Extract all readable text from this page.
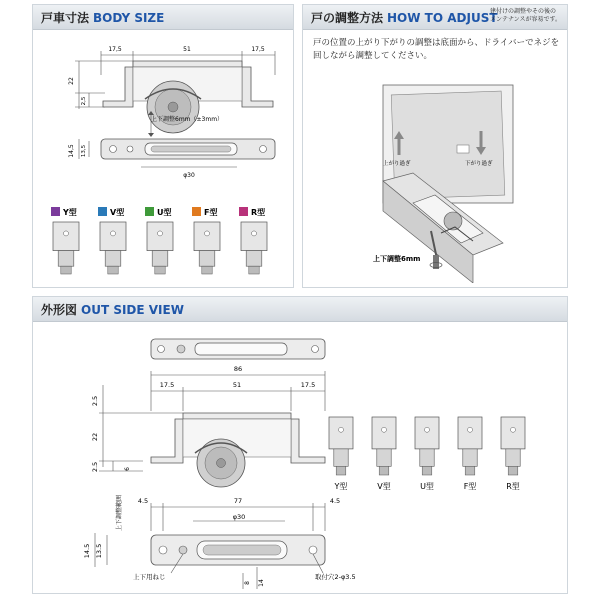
戸車寸法 BODY SIZE
17,5	51	17,5
22
2,5
上下調整6mm（±3mm）
14,5 13,5
φ30
Y型	V型	U型	F型	R型
戸の調整方法 HOW TO ADJUST
建付けの調整やその後の
メンテナンスが容易です。
戸の位置の上がり下がりの調整は底面から、ドライバーでネジを回しながら調整してください。
上がり過ぎ	下がり過ぎ
上下調整6mm
外形図 OUT SIDE VIEW
86
17.5	51	17.5
2.5
22
2.5	6
上下調整範囲 4.5	77	4.5
φ30
14.5 13.5
8 14
上下用ねじ	取付穴2-φ3.5
Y型	V型	U型	F型	R型
